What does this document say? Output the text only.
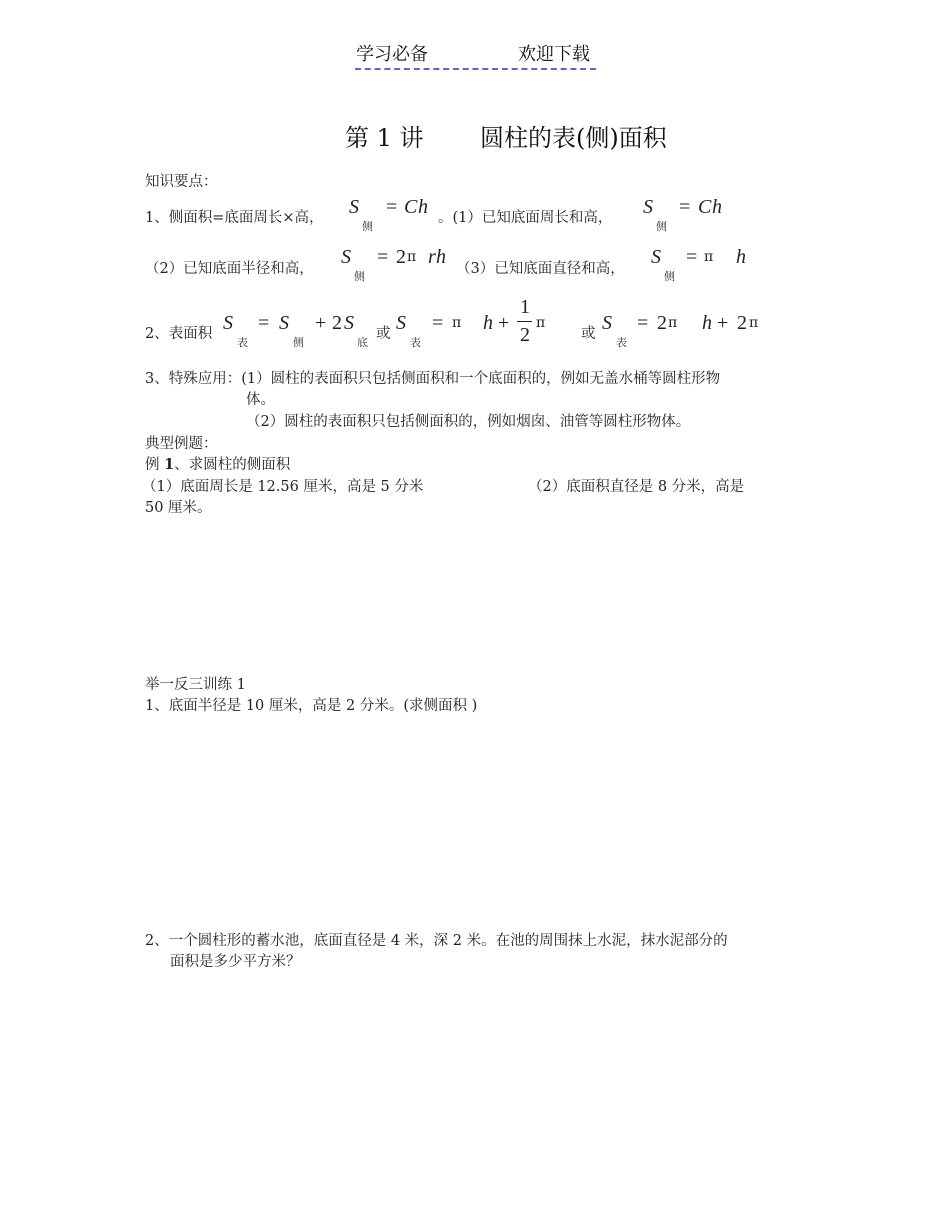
学习必备	欢迎下载
第 1 讲 圆柱的表(侧)面积
知识要点：
1、侧面积=底面周长×高， S
侧
= C h 。(1）已知底面周长和高， S
侧
= C h
（2）已知底面半径和高，
S
侧
= 2 π r h
（3）已知底面直径和高，
S
侧
= π h
2、表面积 S
表
= S
侧
+ 2 S
底
或 S
表
= π h +
1
2
π
或 S
表
= 2 π h + 2 π
3、特殊应用：(1）圆柱的表面积只包括侧面积和一个底面积的，例如无盖水桶等圆柱形物
体。
（2）圆柱的表面积只包括侧面积的，例如烟囱、油管等圆柱形物体。
典型例题：
例 1、求圆柱的侧面积
（1）底面周长是 12.56 厘米，高是 5 分米	（2）底面积直径是 8 分米，高是
50 厘米。
举一反三训练 1
1、底面半径是 10 厘米，高是 2 分米。(求侧面积 )
2、一个圆柱形的蓄水池，底面直径是 4 米，深 2 米。在池的周围抹上水泥，抹水泥部分的
面积是多少平方米？
